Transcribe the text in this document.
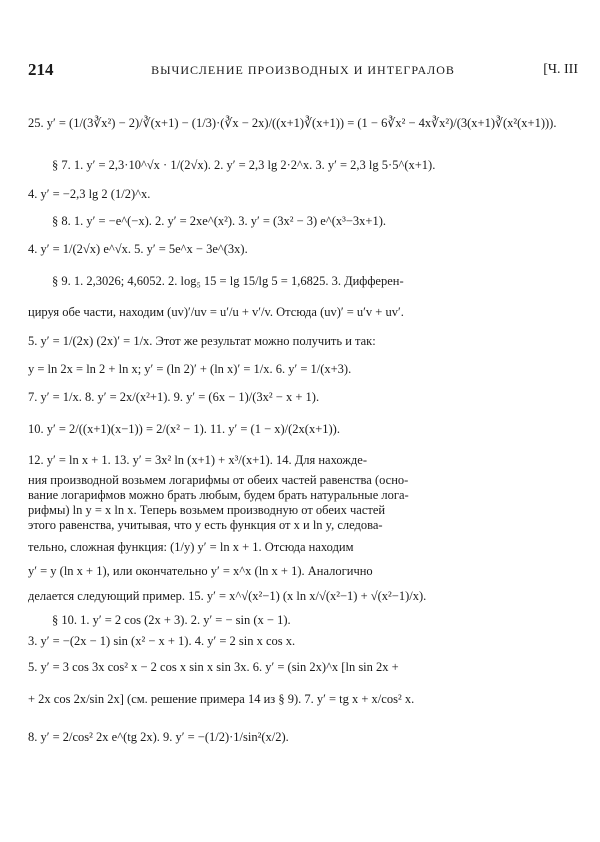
214	ВЫЧИСЛЕНИЕ ПРОИЗВОДНЫХ И ИНТЕГРАЛОВ	[Ч. III
25. y′ = (1/(3∛x²) − 2)/∛(x+1) − (1/3)·(∛x − 2x)/((x+1)∛(x+1)) = (1 − 6∛x² − 4x∛x²)/(3(x+1)∛(x²(x+1))).
§ 7. 1. y′ = 2,3·10^√x · 1/(2√x). 2. y′ = 2,3 lg 2·2^x. 3. y′ = 2,3 lg 5·5^(x+1).
4. y′ = −2,3 lg 2 (1/2)^x.
§ 8. 1. y′ = −e^(−x). 2. y′ = 2xe^(x²). 3. y′ = (3x² − 3) e^(x³−3x+1).
4. y′ = 1/(2√x) e^√x. 5. y′ = 5e^x − 3e^(3x).
§ 9. 1. 2,3026; 4,6052. 2. log₅ 15 = lg 15/lg 5 = 1,6825. 3. Дифферен-
цируя обе части, находим (uv)′/uv = u′/u + v′/v. Отсюда (uv)′ = u′v + uv′.
5. y′ = 1/(2x) (2x)′ = 1/x. Этот же результат можно получить и так:
y = ln 2x = ln 2 + ln x; y′ = (ln 2)′ + (ln x)′ = 1/x. 6. y′ = 1/(x+3).
7. y′ = 1/x. 8. y′ = 2x/(x²+1). 9. y′ = (6x − 1)/(3x² − x + 1).
10. y′ = 2/((x+1)(x−1)) = 2/(x² − 1). 11. y′ = (1 − x)/(2x(x+1)).
12. y′ = ln x + 1. 13. y′ = 3x² ln (x+1) + x³/(x+1). 14. Для нахожде-
ния производной возьмем логарифмы от обеих частей равенства (осно-
вание логарифмов можно брать любым, будем брать натуральные лога-
рифмы) ln y = x ln x. Теперь возьмем производную от обеих частей
этого равенства, учитывая, что y есть функция от x и ln y, следова-
тельно, сложная функция: (1/y) y′ = ln x + 1. Отсюда находим
y′ = y (ln x + 1), или окончательно y′ = x^x (ln x + 1). Аналогично
делается следующий пример. 15. y′ = x^√(x²−1) (x ln x/√(x²−1) + √(x²−1)/x).
§ 10. 1. y′ = 2 cos (2x + 3). 2. y′ = − sin (x − 1).
3. y′ = −(2x − 1) sin (x² − x + 1). 4. y′ = 2 sin x cos x.
5. y′ = 3 cos 3x cos² x − 2 cos x sin x sin 3x. 6. y′ = (sin 2x)^x [ln sin 2x +
+ 2x cos 2x/sin 2x] (см. решение примера 14 из § 9). 7. y′ = tg x + x/cos² x.
8. y′ = 2/cos² 2x e^(tg 2x). 9. y′ = −(1/2)·1/sin²(x/2).
